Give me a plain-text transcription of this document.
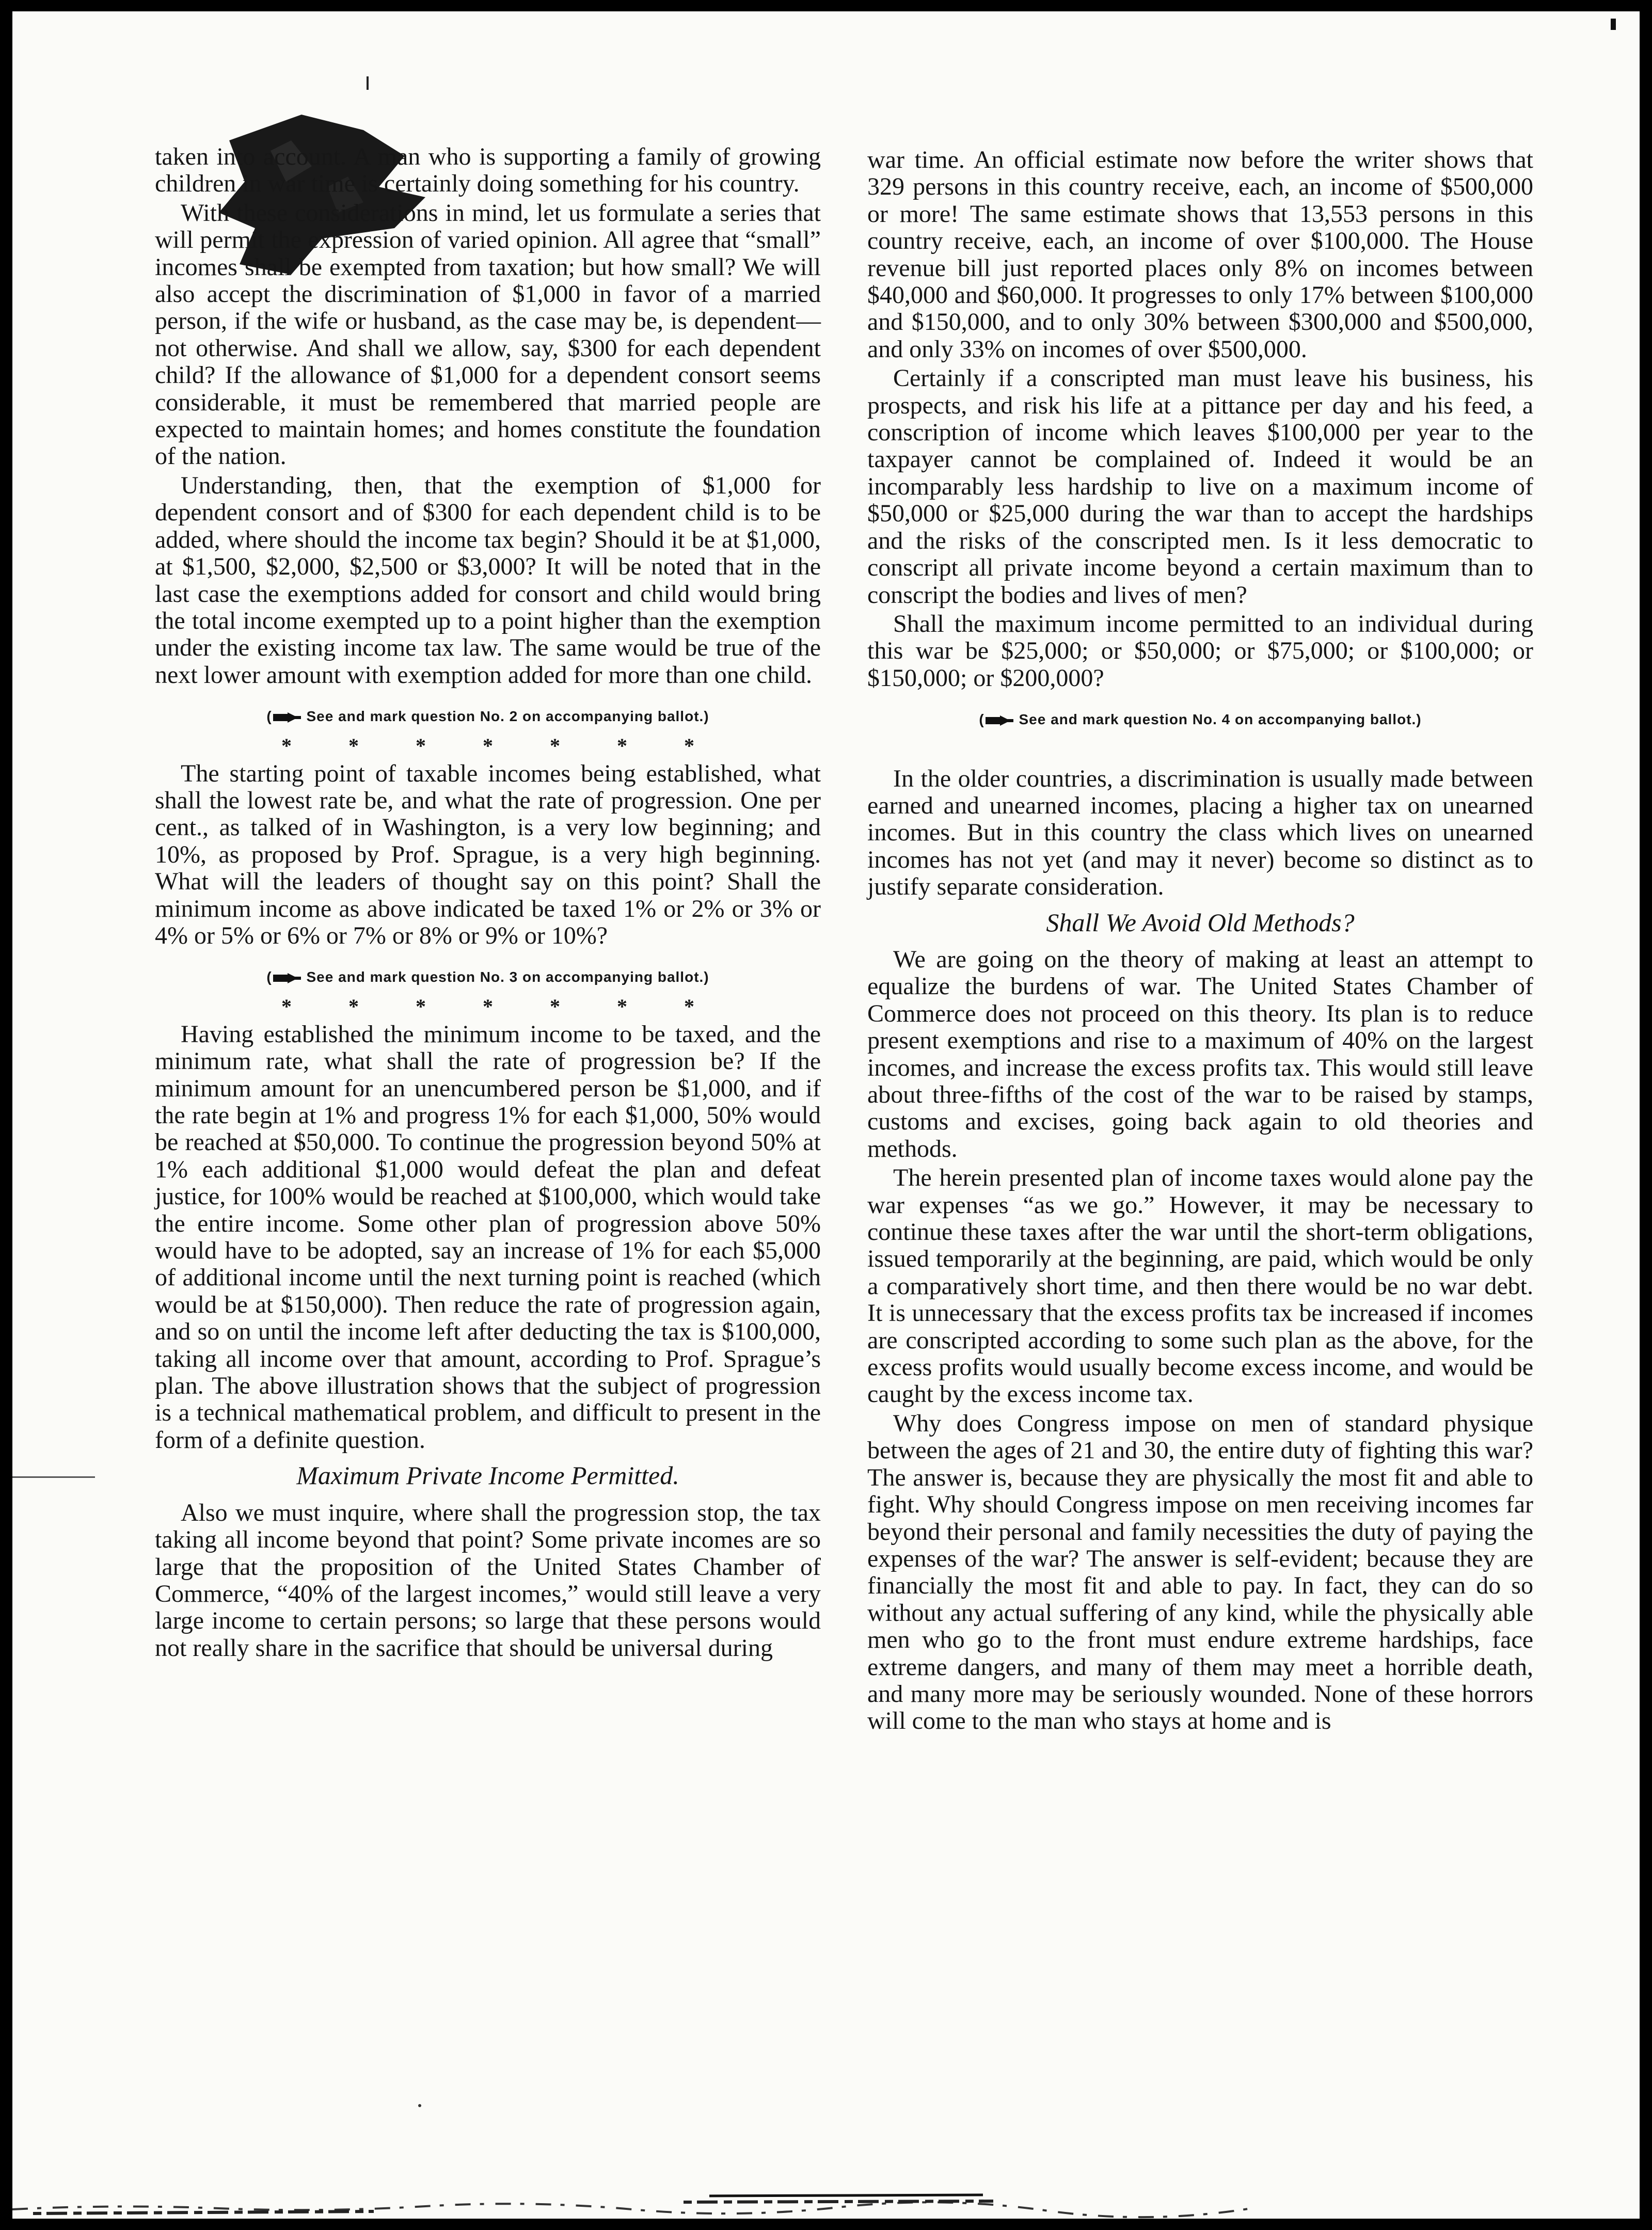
taken into account. A man who is supporting a family of growing children in war time is certainly doing something for his country.

With these considerations in mind, let us formulate a series that will permit the expression of varied opinion. All agree that “small” incomes shall be exempted from taxation; but how small? We will also accept the discrimination of $1,000 in favor of a married person, if the wife or husband, as the case may be, is dependent—not otherwise. And shall we allow, say, $300 for each dependent child? If the allowance of $1,000 for a dependent consort seems considerable, it must be remembered that married people are expected to maintain homes; and homes constitute the foundation of the nation.

Understanding, then, that the exemption of $1,000 for dependent consort and of $300 for each dependent child is to be added, where should the income tax begin? Should it be at $1,000, at $1,500, $2,000, $2,500 or $3,000? It will be noted that in the last case the exemptions added for consort and child would bring the total income exempted up to a point higher than the exemption under the existing income tax law. The same would be true of the next lower amount with exemption added for more than one child.

( See and mark question No. 2 on accompanying ballot.)
* * * * * * *

The starting point of taxable incomes being established, what shall the lowest rate be, and what the rate of progression. One per cent., as talked of in Washington, is a very low beginning; and 10%, as proposed by Prof. Sprague, is a very high beginning. What will the leaders of thought say on this point? Shall the minimum income as above indicated be taxed 1% or 2% or 3% or 4% or 5% or 6% or 7% or 8% or 9% or 10%?

( See and mark question No. 3 on accompanying ballot.)
* * * * * * *

Having established the minimum income to be taxed, and the minimum rate, what shall the rate of progression be? If the minimum amount for an unencumbered person be $1,000, and if the rate begin at 1% and progress 1% for each $1,000, 50% would be reached at $50,000. To continue the progression beyond 50% at 1% each additional $1,000 would defeat the plan and defeat justice, for 100% would be reached at $100,000, which would take the entire income. Some other plan of progression above 50% would have to be adopted, say an increase of 1% for each $5,000 of additional income until the next turning point is reached (which would be at $150,000). Then reduce the rate of progression again, and so on until the income left after deducting the tax is $100,000, taking all income over that amount, according to Prof. Sprague’s plan. The above illustration shows that the subject of progression is a technical mathematical problem, and difficult to present in the form of a definite question.

Maximum Private Income Permitted.

Also we must inquire, where shall the progression stop, the tax taking all income beyond that point? Some private incomes are so large that the proposition of the United States Chamber of Commerce, “40% of the largest incomes,” would still leave a very large income to certain persons; so large that these persons would not really share in the sacrifice that should be universal during

war time. An official estimate now before the writer shows that 329 persons in this country receive, each, an income of $500,000 or more! The same estimate shows that 13,553 persons in this country receive, each, an income of over $100,000. The House revenue bill just reported places only 8% on incomes between $40,000 and $60,000. It progresses to only 17% between $100,000 and $150,000, and to only 30% between $300,000 and $500,000, and only 33% on incomes of over $500,000.

Certainly if a conscripted man must leave his business, his prospects, and risk his life at a pittance per day and his feed, a conscription of income which leaves $100,000 per year to the taxpayer cannot be complained of. Indeed it would be an incomparably less hardship to live on a maximum income of $50,000 or $25,000 during the war than to accept the hardships and the risks of the conscripted men. Is it less democratic to conscript all private income beyond a certain maximum than to conscript the bodies and lives of men?

Shall the maximum income permitted to an individual during this war be $25,000; or $50,000; or $75,000; or $100,000; or $150,000; or $200,000?

( See and mark question No. 4 on accompanying ballot.)

In the older countries, a discrimination is usually made between earned and unearned incomes, placing a higher tax on unearned incomes. But in this country the class which lives on unearned incomes has not yet (and may it never) become so distinct as to justify separate consideration.

Shall We Avoid Old Methods?

We are going on the theory of making at least an attempt to equalize the burdens of war. The United States Chamber of Commerce does not proceed on this theory. Its plan is to reduce present exemptions and rise to a maximum of 40% on the largest incomes, and increase the excess profits tax. This would still leave about three-fifths of the cost of the war to be raised by stamps, customs and excises, going back again to old theories and methods.

The herein presented plan of income taxes would alone pay the war expenses “as we go.” However, it may be necessary to continue these taxes after the war until the short-term obligations, issued temporarily at the beginning, are paid, which would be only a comparatively short time, and then there would be no war debt. It is unnecessary that the excess profits tax be increased if incomes are conscripted according to some such plan as the above, for the excess profits would usually become excess income, and would be caught by the excess income tax.

Why does Congress impose on men of standard physique between the ages of 21 and 30, the entire duty of fighting this war? The answer is, because they are physically the most fit and able to fight. Why should Congress impose on men receiving incomes far beyond their personal and family necessities the duty of paying the expenses of the war? The answer is self-evident; because they are financially the most fit and able to pay. In fact, they can do so without any actual suffering of any kind, while the physically able men who go to the front must endure extreme hardships, face extreme dangers, and many of them may meet a horrible death, and many more may be seriously wounded. None of these horrors will come to the man who stays at home and is
